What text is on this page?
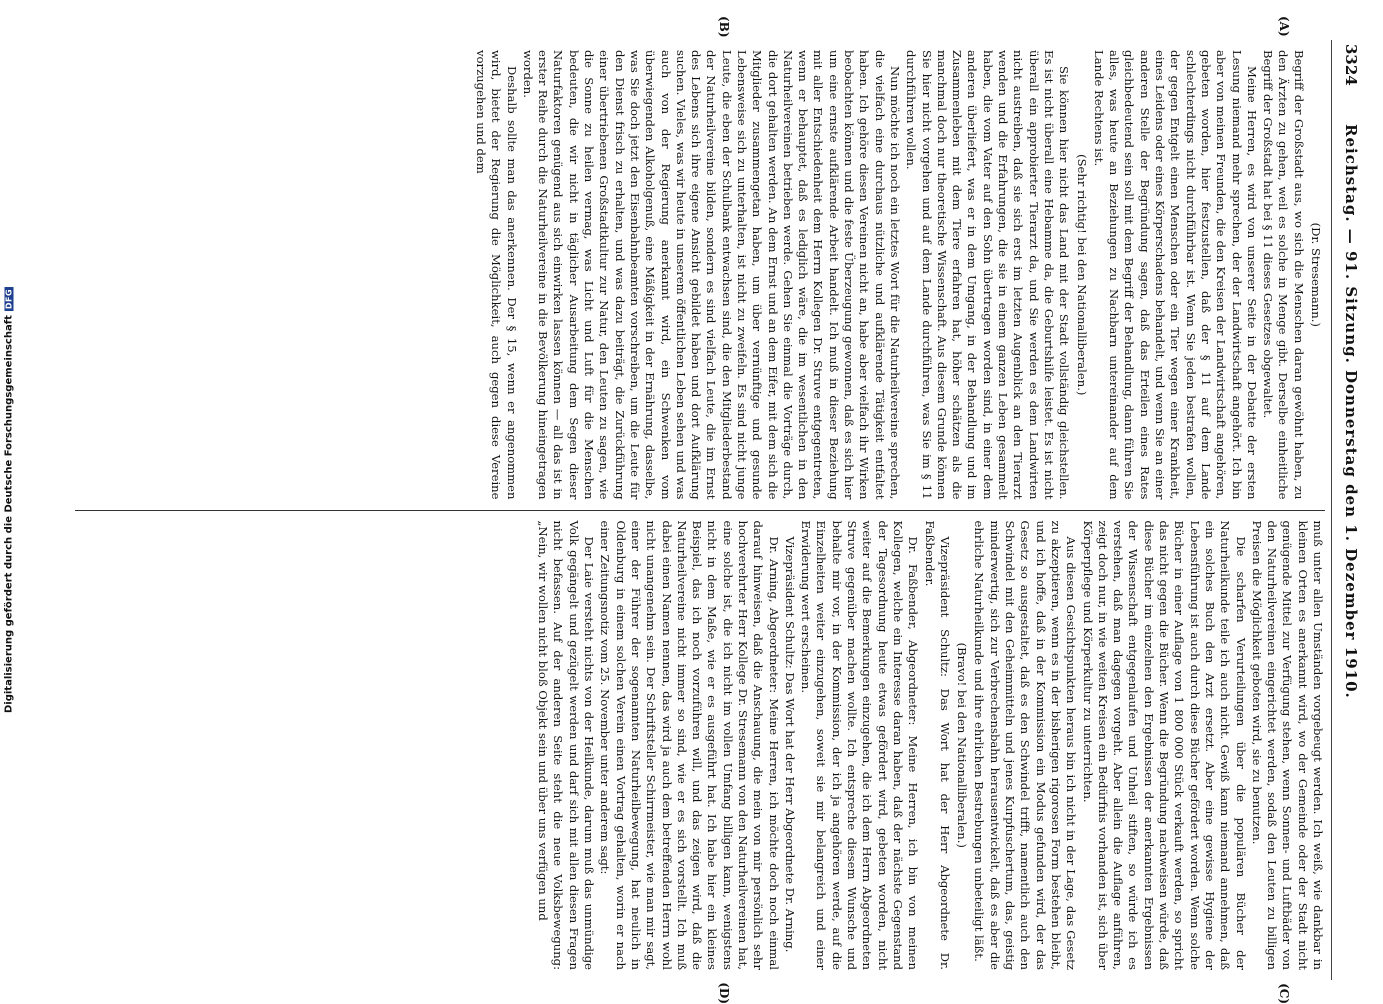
Digitalisierung gefördert durch die Deutsche Forschungsgemeinschaft
DFG
3324
Reichstag. — 91. Sitzung. Donnerstag den 1. Dezember 1910.
(A)
(B)
(C)
(D)

(Dr. Stresemann.)

Begriff der Großstadt aus, wo sich die Menschen daran gewöhnt haben, zu den Ärzten zu gehen, weil es solche in Menge gibt. Derselbe einheitliche Begriff der Großstadt hat bei § 11 dieses Gesetzes obgewaltet.

Meine Herren, es wird von unserer Seite in der Debatte der ersten Lesung niemand mehr sprechen, der der Landwirtschaft angehört. Ich bin aber von meinen Freunden, die den Kreisen der Landwirtschaft angehören, gebeten worden, hier festzustellen, daß der § 11 auf dem Lande schlechterdings nicht durchführbar ist. Wenn Sie jeden bestrafen wollen, der gegen Entgelt einen Menschen oder ein Tier wegen einer Krankheit, eines Leidens oder eines Körperschadens behandelt, und wenn Sie an einer anderen Stelle der Begründung sagen, daß das Erteilen eines Rates gleichbedeutend sein soll mit dem Begriff der Behandlung, dann führen Sie alles, was heute an Beziehungen zu Nachbarn untereinander auf dem Lande Rechtens ist.

(Sehr richtig! bei den Nationalliberalen.)

Sie können hier nicht das Land mit der Stadt vollständig gleichstellen. Es ist nicht überall eine Hebamme da, die Geburtshilfe leistet. Es ist nicht überall ein approbierter Tierarzt da, und Sie werden es dem Landwirten nicht austreiben, daß sie sich erst im letzten Augenblick an den Tierarzt wenden und die Erfahrungen, die sie in einem ganzen Leben gesammelt haben, die vom Vater auf den Sohn übertragen worden sind, in einer dem anderen überliefert, was er in dem Umgang, in der Behandlung und im Zusammenleben mit dem Tiere erfahren hat, höher schätzen als die manchmal doch nur theoretische Wissenschaft. Aus diesem Grunde können Sie hier nicht vorgehen und auf dem Lande durchführen, was Sie im § 11 durchführen wollen.

Nun möchte ich noch ein letztes Wort für die Naturheilvereine sprechen, die vielfach eine durchaus nützliche und aufklärende Tätigkeit entfaltet haben. Ich gehöre diesen Vereinen nicht an, habe aber vielfach ihr Wirken beobachten können und die feste Überzeugung gewonnen, daß es sich hier um eine ernste aufklärende Arbeit handelt. Ich muß in dieser Beziehung mit aller Entschiedenheit dem Herrn Kollegen Dr. Struve entgegentreten, wenn er behauptet, daß es lediglich wäre, die im wesentlichen in den Naturheilvereinen betrieben werde. Gehen Sie einmal die Vorträge durch, die dort gehalten werden. An dem Ernst und an dem Eifer, mit dem sich die Mitglieder zusammengetan haben, um über vernünftige und gesunde Lebensweise sich zu unterhalten, ist nicht zu zweifeln. Es sind nicht junge Leute, die eben der Schulbank entwachsen sind, die den Mitgliederbestand der Naturheilvereine bilden, sondern es sind vielfach Leute, die im Ernst des Lebens sich ihre eigene Ansicht gebildet haben und dort Aufklärung suchen. Vieles, was wir heute in unserem öffentlichen Leben sehen und was auch von der Regierung anerkannt wird, ein Schwenken vom überwiegenden Alkoholgenuß, eine Mäßigkeit in der Ernährung, dasselbe, was Sie doch jetzt den Eisenbahnbeamten vorschreiben, um die Leute für den Dienst frisch zu erhalten, und was dazu beiträgt, die Zurückführung einer übertriebenen Großstadtkultur zur Natur, den Leuten zu sagen, wie die Sonne zu heilen vermag, was Licht und Luft für die Menschen bedeuten, die wir nicht in täglicher Ausarbeitung dem Segen dieser Naturfaktoren genügend aus sich einwirken lassen können — all das ist in erster Reihe durch die Naturheilvereine in die Bevölkerung hineingetragen worden.

Deshalb sollte man das anerkennen. Der § 15, wenn er angenommen wird, bietet der Regierung die Möglichkeit, auch gegen diese Vereine vorzugehen und dem

muß unter allen Umständen vorgebeugt werden. Ich weiß, wie dankbar in kleinen Orten es anerkannt wird, wo der Gemeinde oder der Stadt nicht genügende Mittel zur Verfügung stehen, wenn Sonnen- und Luftbäder von den Naturheilvereinen eingerichtet werden, sodaß den Leuten zu billigen Preisen die Möglichkeit geboten wird, sie zu benutzen.

Die scharfen Verurteilungen über die populären Bücher der Naturheilkunde teile ich auch nicht. Gewiß kann niemand annehmen, daß ein solches Buch den Arzt ersetzt. Aber eine gewisse Hygiene der Lebensführung ist auch durch diese Bücher gefördert worden. Wenn solche Bücher in einer Auflage von 1 800 000 Stück verkauft werden, so spricht das nicht gegen die Bücher. Wenn die Begründung nachweisen würde, daß diese Bücher im einzelnen den Ergebnissen der anerkannten Ergebnissen der Wissenschaft entgegenlaufen und Unheil stiften, so würde ich es verstehen, daß man dagegen vorgeht. Aber allein die Auflage anführen, zeigt doch nur, in wie weiten Kreisen ein Bedürfnis vorhanden ist, sich über Körperpflege und Körperkultur zu unterrichten.

Aus diesen Gesichtspunkten heraus bin ich nicht in der Lage, das Gesetz zu akzeptieren, wenn es in der bisherigen rigorosen Form bestehen bleibt, und ich hoffe, daß in der Kommission ein Modus gefunden wird, der das Gesetz so ausgestaltet, daß es den Schwindel trifft, namentlich auch den Schwindel mit den Geheimmitteln und jenes Kurpfuschertum, das, geistig minderwertig, sich zur Verbrechensbahn herausentwickelt, daß es aber die ehrliche Naturheilkunde und ihre ehrlichen Bestrebungen unbeteiligt läßt.

(Bravo! bei den Nationalliberalen.)

Vizepräsident Schultz: Das Wort hat der Herr Abgeordnete Dr. Faßbender.

Dr. Faßbender, Abgeordneter: Meine Herren, ich bin von meinen Kollegen, welche ein Interesse daran haben, daß der nächste Gegenstand der Tagesordnung heute etwas gefördert wird, gebeten worden, nicht weiter auf die Bemerkungen einzugehen, die ich dem Herrn Abgeordneten Struve gegenüber machen wollte. Ich entspreche diesem Wunsche und behalte mir vor, in der Kommission, der ich ja angehören werde, auf die Einzelheiten weiter einzugehen, soweit sie mir belangreich und einer Erwiderung wert erscheinen.

Vizepräsident Schultz: Das Wort hat der Herr Abgeordnete Dr. Arning.

Dr. Arning, Abgeordneter: Meine Herren, ich möchte doch noch einmal darauf hinweisen, daß die Anschauung, die mein von mir persönlich sehr hochverehrter Herr Kollege Dr. Stresemann von den Naturheilvereinen hat, eine solche ist, die ich nicht im vollen Umfang billigen kann, wenigstens nicht in dem Maße, wie er es ausgeführt hat. Ich habe hier ein kleines Beispiel, das ich noch vorzuführen will, und das zeigen wird, daß die Naturheilvereine nicht immer so sind, wie er es sich vorstellt. Ich muß dabei einen Namen nennen, das wird ja auch dem betreffenden Herrn wohl nicht unangenehm sein. Der Schriftsteller Schirrmeister, wie man mir sagt, einer der Führer der sogenannten Naturheilbewegung, hat neulich in Oldenburg in einem solchen Verein einen Vortrag gehalten, worin er nach einer Zeitungsnotiz vom 25. November unter anderem sagt:

Der Laie versteht nichts von der Heilkunde, darum muß das unmündige Volk gegängelt und gezügelt werden und darf sich mit allen diesen Fragen nicht befassen. Auf der anderen Seite steht die neue Volksbewegung: „Nein, wir wollen nicht bloß Objekt sein und über uns verfügen und
